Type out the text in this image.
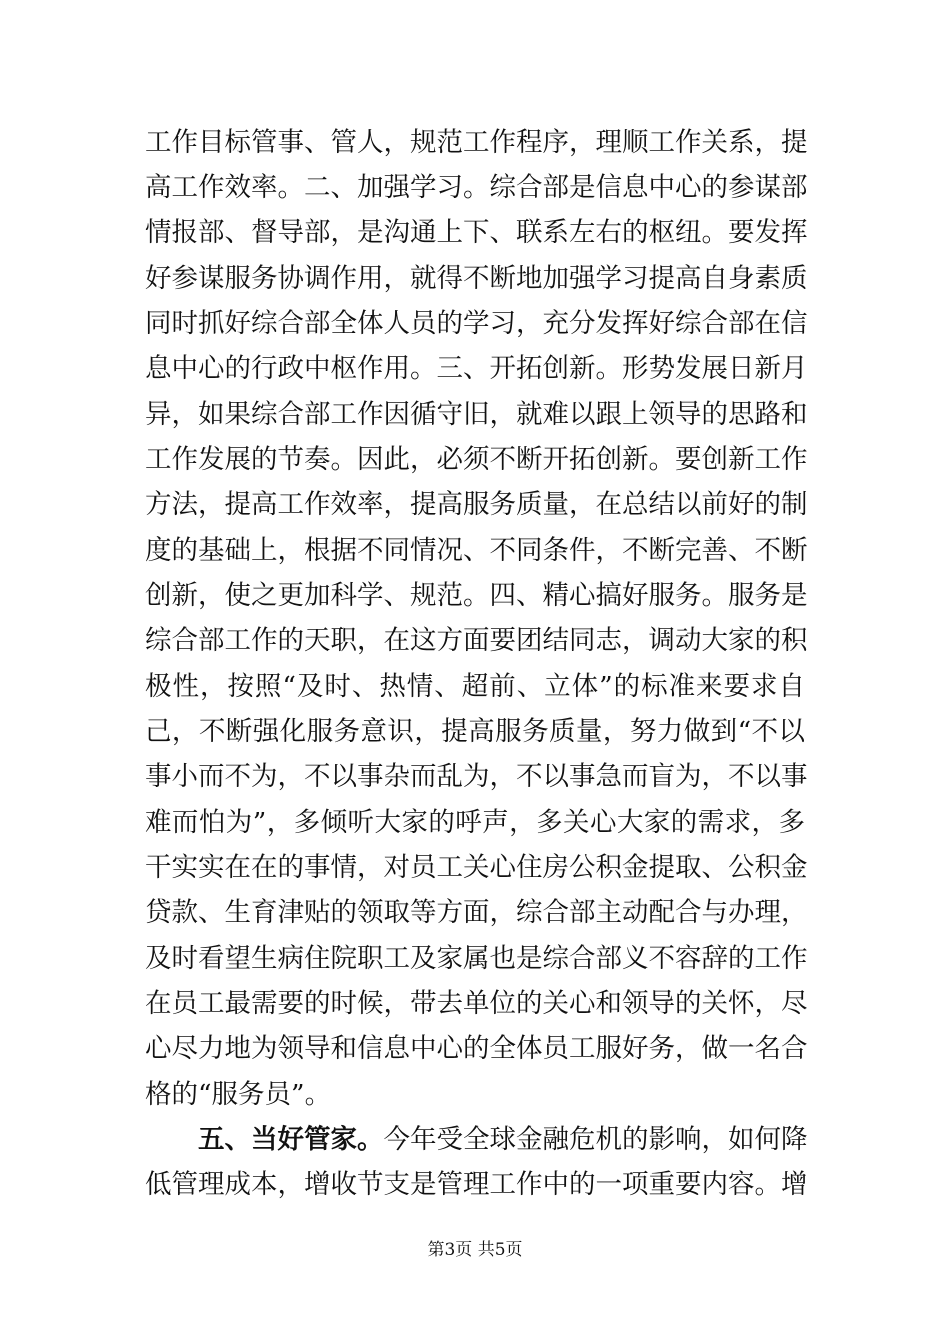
工作目标管事、管人，规范工作程序，理顺工作关系，提
高工作效率。二、加强学习。综合部是信息中心的参谋部
情报部、督导部，是沟通上下、联系左右的枢纽。要发挥
好参谋服务协调作用，就得不断地加强学习提高自身素质
同时抓好综合部全体人员的学习，充分发挥好综合部在信
息中心的行政中枢作用。三、开拓创新。形势发展日新月
异，如果综合部工作因循守旧，就难以跟上领导的思路和
工作发展的节奏。因此，必须不断开拓创新。要创新工作
方法，提高工作效率，提高服务质量，在总结以前好的制
度的基础上，根据不同情况、不同条件，不断完善、不断
创新，使之更加科学、规范。四、精心搞好服务。服务是
综合部工作的天职，在这方面要团结同志，调动大家的积
极性，按照“及时、热情、超前、立体”的标准来要求自
己，不断强化服务意识，提高服务质量，努力做到“不以
事小而不为，不以事杂而乱为，不以事急而盲为，不以事
难而怕为”，多倾听大家的呼声，多关心大家的需求，多
干实实在在的事情，对员工关心住房公积金提取、公积金
贷款、生育津贴的领取等方面，综合部主动配合与办理，
及时看望生病住院职工及家属也是综合部义不容辞的工作
在员工最需要的时候，带去单位的关心和领导的关怀，尽
心尽力地为领导和信息中心的全体员工服好务，做一名合
格的“服务员”。
五、当好管家。今年受全球金融危机的影响，如何降
低管理成本，增收节支是管理工作中的一项重要内容。增
第3页 共5页
